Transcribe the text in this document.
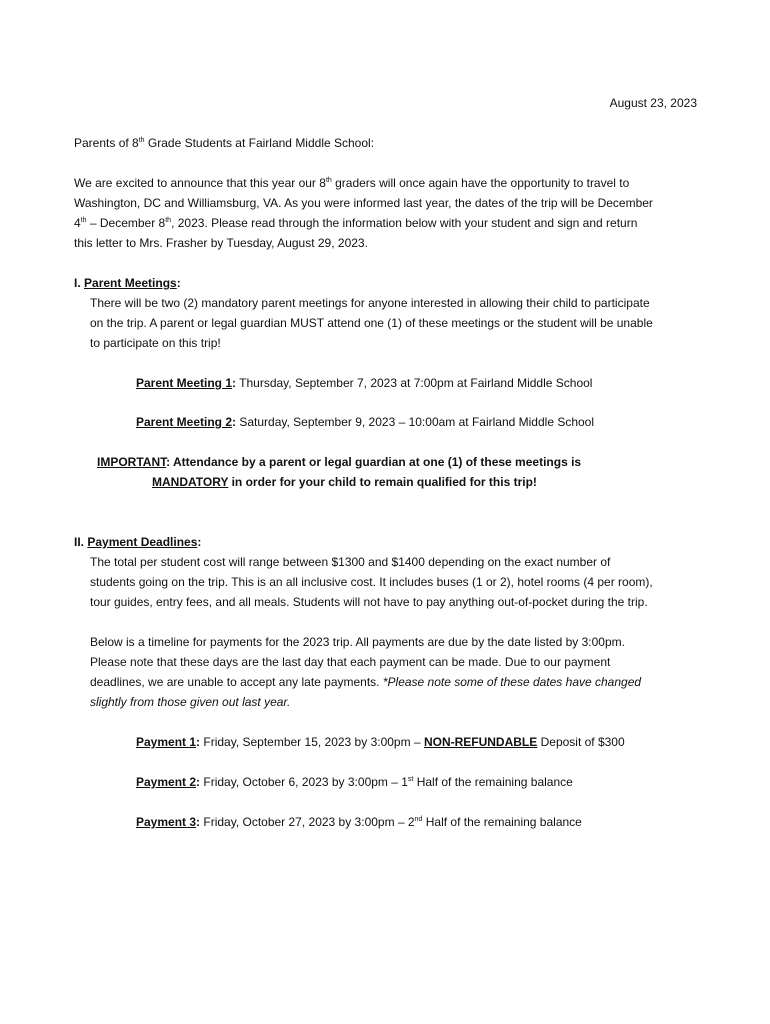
August 23, 2023
Parents of 8th Grade Students at Fairland Middle School:
We are excited to announce that this year our 8th graders will once again have the opportunity to travel to
Washington, DC and Williamsburg, VA. As you were informed last year, the dates of the trip will be December
4th – December 8th, 2023. Please read through the information below with your student and sign and return
this letter to Mrs. Frasher by Tuesday, August 29, 2023.
I. Parent Meetings:
There will be two (2) mandatory parent meetings for anyone interested in allowing their child to participate
on the trip. A parent or legal guardian MUST attend one (1) of these meetings or the student will be unable
to participate on this trip!
Parent Meeting 1: Thursday, September 7, 2023 at 7:00pm at Fairland Middle School
Parent Meeting 2: Saturday, September 9, 2023 – 10:00am at Fairland Middle School
IMPORTANT: Attendance by a parent or legal guardian at one (1) of these meetings is
MANDATORY in order for your child to remain qualified for this trip!
II. Payment Deadlines:
The total per student cost will range between $1300 and $1400 depending on the exact number of
students going on the trip. This is an all inclusive cost. It includes buses (1 or 2), hotel rooms (4 per room),
tour guides, entry fees, and all meals. Students will not have to pay anything out-of-pocket during the trip.
Below is a timeline for payments for the 2023 trip. All payments are due by the date listed by 3:00pm.
Please note that these days are the last day that each payment can be made. Due to our payment
deadlines, we are unable to accept any late payments. *Please note some of these dates have changed
slightly from those given out last year.
Payment 1: Friday, September 15, 2023 by 3:00pm – NON-REFUNDABLE Deposit of $300
Payment 2: Friday, October 6, 2023 by 3:00pm – 1st Half of the remaining balance
Payment 3: Friday, October 27, 2023 by 3:00pm – 2nd Half of the remaining balance
